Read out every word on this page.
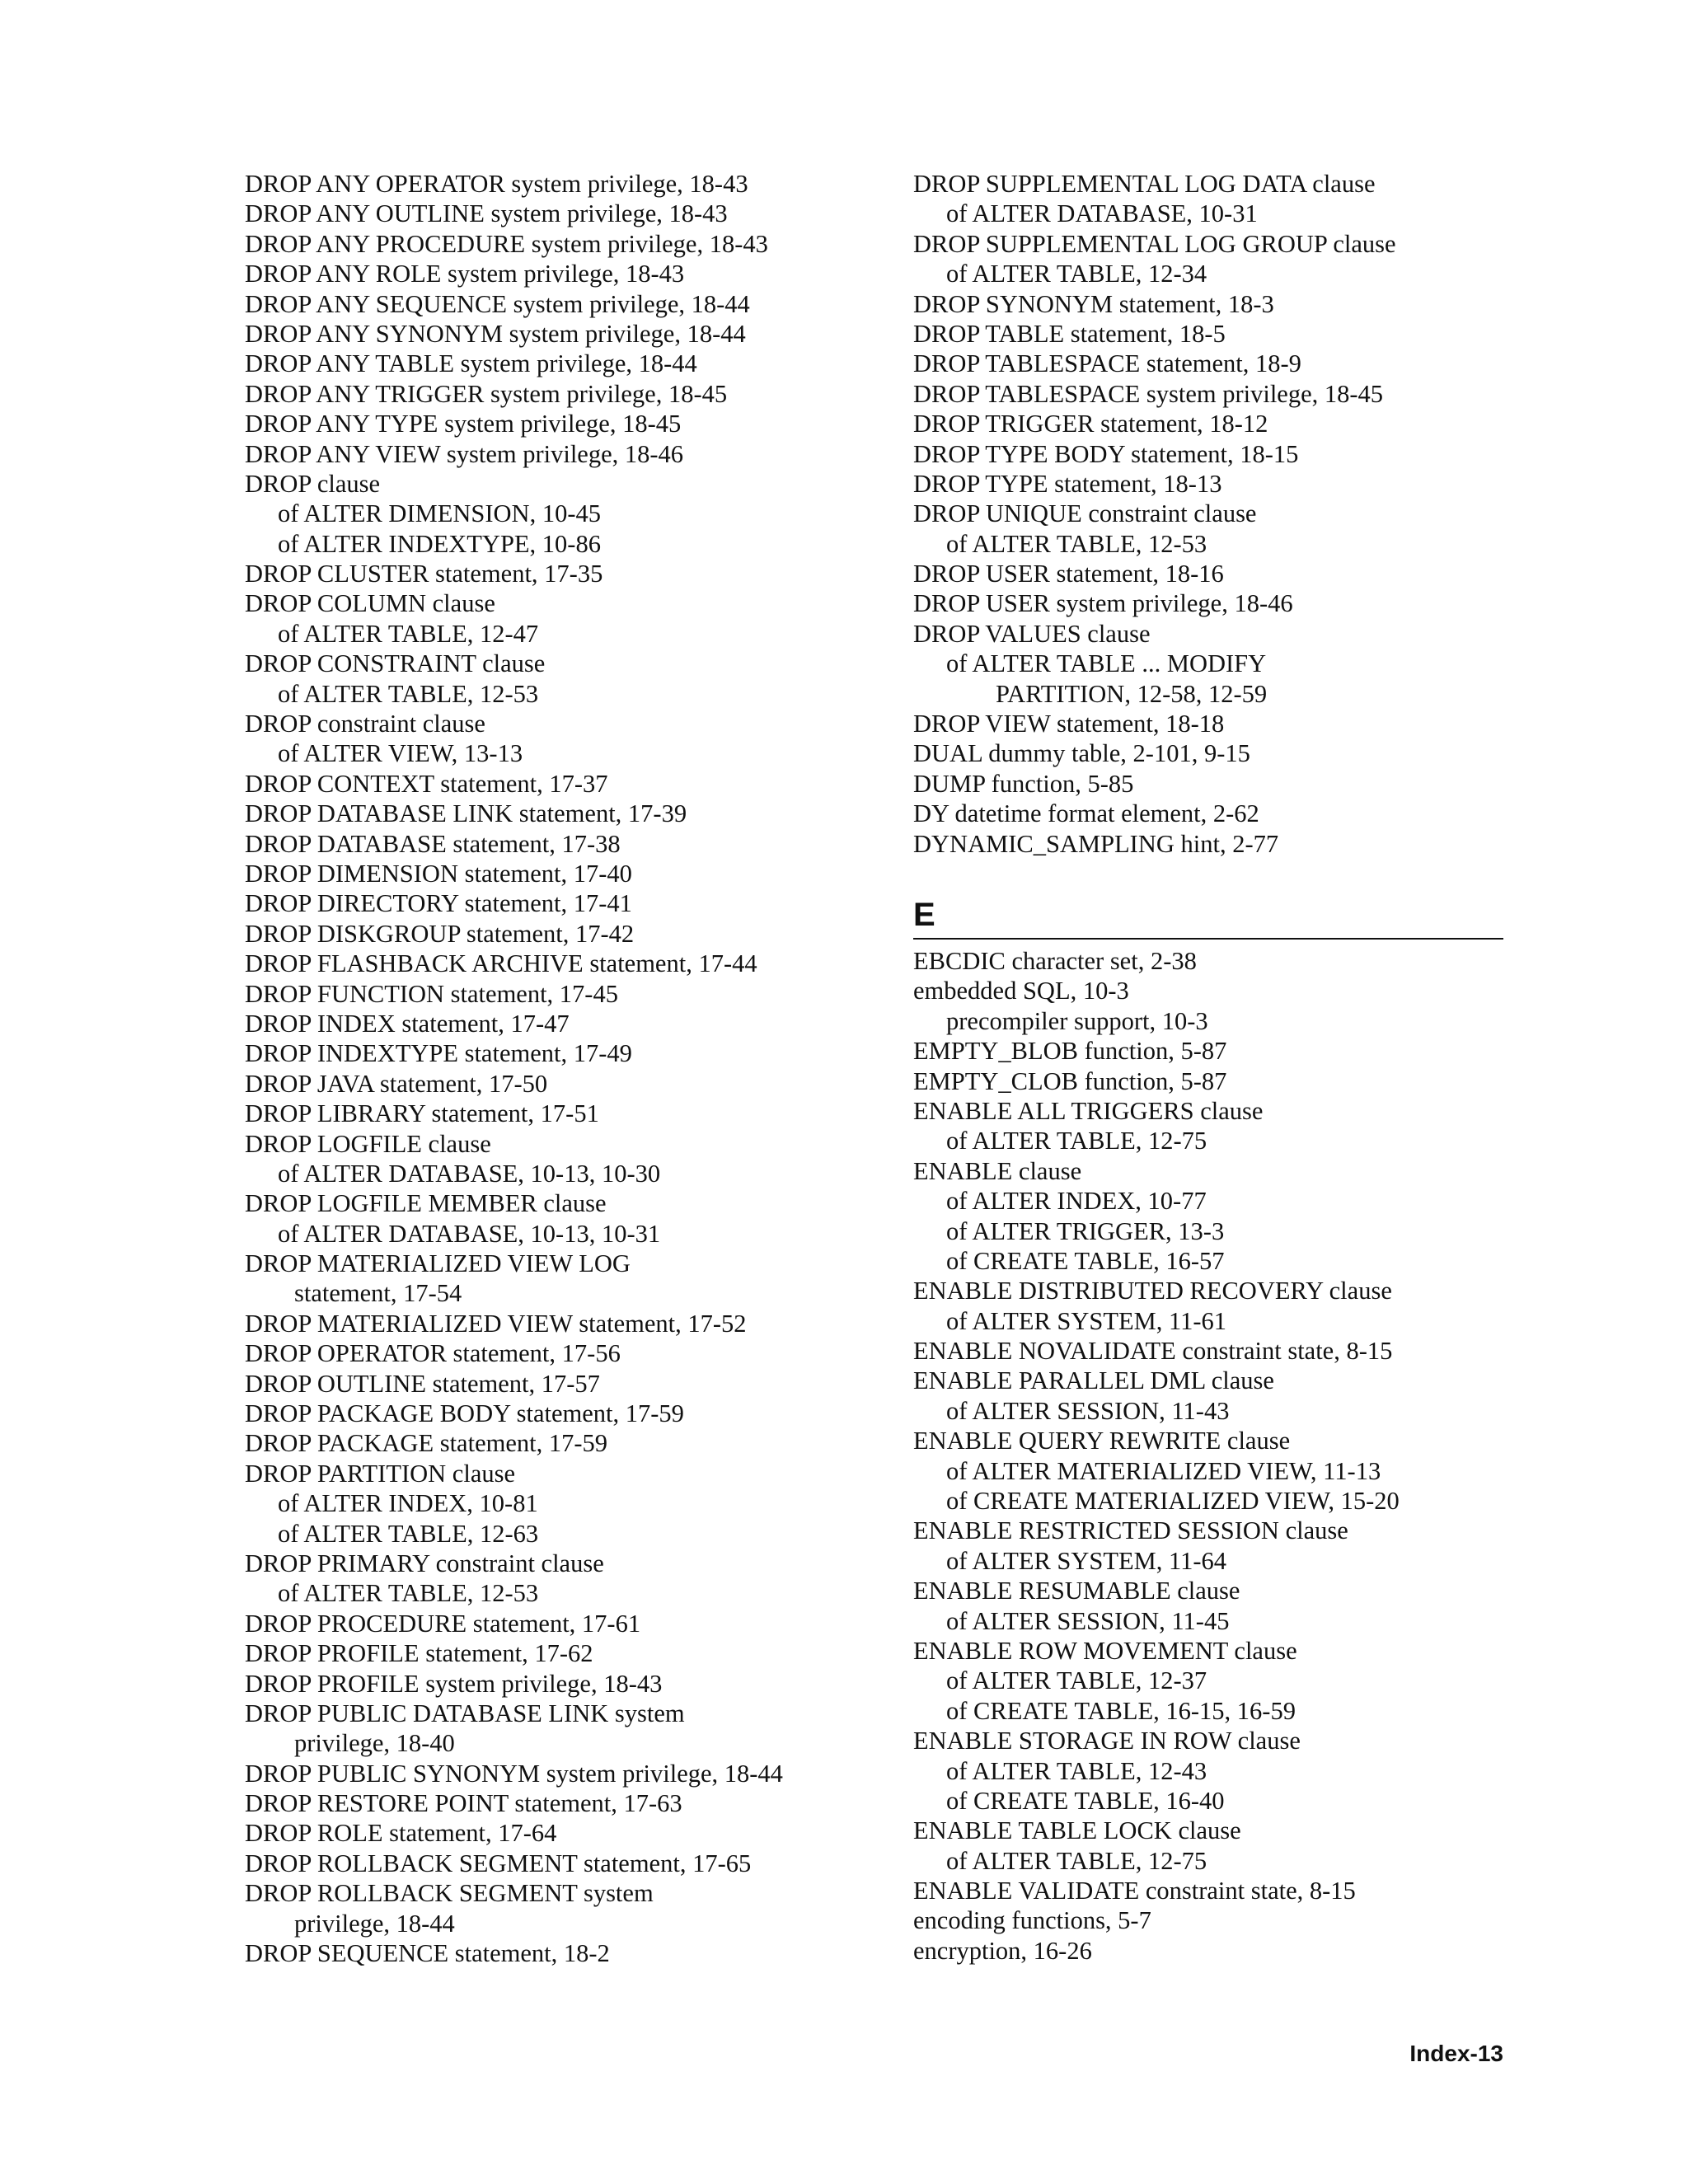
DROP ANY OPERATOR system privilege, 18-43
DROP ANY OUTLINE system privilege, 18-43
DROP ANY PROCEDURE system privilege, 18-43
DROP ANY ROLE system privilege, 18-43
DROP ANY SEQUENCE system privilege, 18-44
DROP ANY SYNONYM system privilege, 18-44
DROP ANY TABLE system privilege, 18-44
DROP ANY TRIGGER system privilege, 18-45
DROP ANY TYPE system privilege, 18-45
DROP ANY VIEW system privilege, 18-46
DROP clause
of ALTER DIMENSION, 10-45
of ALTER INDEXTYPE, 10-86
DROP CLUSTER statement, 17-35
DROP COLUMN clause
of ALTER TABLE, 12-47
DROP CONSTRAINT clause
of ALTER TABLE, 12-53
DROP constraint clause
of ALTER VIEW, 13-13
DROP CONTEXT statement, 17-37
DROP DATABASE LINK statement, 17-39
DROP DATABASE statement, 17-38
DROP DIMENSION statement, 17-40
DROP DIRECTORY statement, 17-41
DROP DISKGROUP statement, 17-42
DROP FLASHBACK ARCHIVE statement, 17-44
DROP FUNCTION statement, 17-45
DROP INDEX statement, 17-47
DROP INDEXTYPE statement, 17-49
DROP JAVA statement, 17-50
DROP LIBRARY statement, 17-51
DROP LOGFILE clause
of ALTER DATABASE, 10-13, 10-30
DROP LOGFILE MEMBER clause
of ALTER DATABASE, 10-13, 10-31
DROP MATERIALIZED VIEW LOG
statement, 17-54
DROP MATERIALIZED VIEW statement, 17-52
DROP OPERATOR statement, 17-56
DROP OUTLINE statement, 17-57
DROP PACKAGE BODY statement, 17-59
DROP PACKAGE statement, 17-59
DROP PARTITION clause
of ALTER INDEX, 10-81
of ALTER TABLE, 12-63
DROP PRIMARY constraint clause
of ALTER TABLE, 12-53
DROP PROCEDURE statement, 17-61
DROP PROFILE statement, 17-62
DROP PROFILE system privilege, 18-43
DROP PUBLIC DATABASE LINK system
privilege, 18-40
DROP PUBLIC SYNONYM system privilege, 18-44
DROP RESTORE POINT statement, 17-63
DROP ROLE statement, 17-64
DROP ROLLBACK SEGMENT statement, 17-65
DROP ROLLBACK SEGMENT system
privilege, 18-44
DROP SEQUENCE statement, 18-2
DROP SUPPLEMENTAL LOG DATA clause
of ALTER DATABASE, 10-31
DROP SUPPLEMENTAL LOG GROUP clause
of ALTER TABLE, 12-34
DROP SYNONYM statement, 18-3
DROP TABLE statement, 18-5
DROP TABLESPACE statement, 18-9
DROP TABLESPACE system privilege, 18-45
DROP TRIGGER statement, 18-12
DROP TYPE BODY statement, 18-15
DROP TYPE statement, 18-13
DROP UNIQUE constraint clause
of ALTER TABLE, 12-53
DROP USER statement, 18-16
DROP USER system privilege, 18-46
DROP VALUES clause
of ALTER TABLE ... MODIFY
PARTITION, 12-58, 12-59
DROP VIEW statement, 18-18
DUAL dummy table, 2-101, 9-15
DUMP function, 5-85
DY datetime format element, 2-62
DYNAMIC_SAMPLING hint, 2-77
E
EBCDIC character set, 2-38
embedded SQL, 10-3
precompiler support, 10-3
EMPTY_BLOB function, 5-87
EMPTY_CLOB function, 5-87
ENABLE ALL TRIGGERS clause
of ALTER TABLE, 12-75
ENABLE clause
of ALTER INDEX, 10-77
of ALTER TRIGGER, 13-3
of CREATE TABLE, 16-57
ENABLE DISTRIBUTED RECOVERY clause
of ALTER SYSTEM, 11-61
ENABLE NOVALIDATE constraint state, 8-15
ENABLE PARALLEL DML clause
of ALTER SESSION, 11-43
ENABLE QUERY REWRITE clause
of ALTER MATERIALIZED VIEW, 11-13
of CREATE MATERIALIZED VIEW, 15-20
ENABLE RESTRICTED SESSION clause
of ALTER SYSTEM, 11-64
ENABLE RESUMABLE clause
of ALTER SESSION, 11-45
ENABLE ROW MOVEMENT clause
of ALTER TABLE, 12-37
of CREATE TABLE, 16-15, 16-59
ENABLE STORAGE IN ROW clause
of ALTER TABLE, 12-43
of CREATE TABLE, 16-40
ENABLE TABLE LOCK clause
of ALTER TABLE, 12-75
ENABLE VALIDATE constraint state, 8-15
encoding functions, 5-7
encryption, 16-26
Index-13
